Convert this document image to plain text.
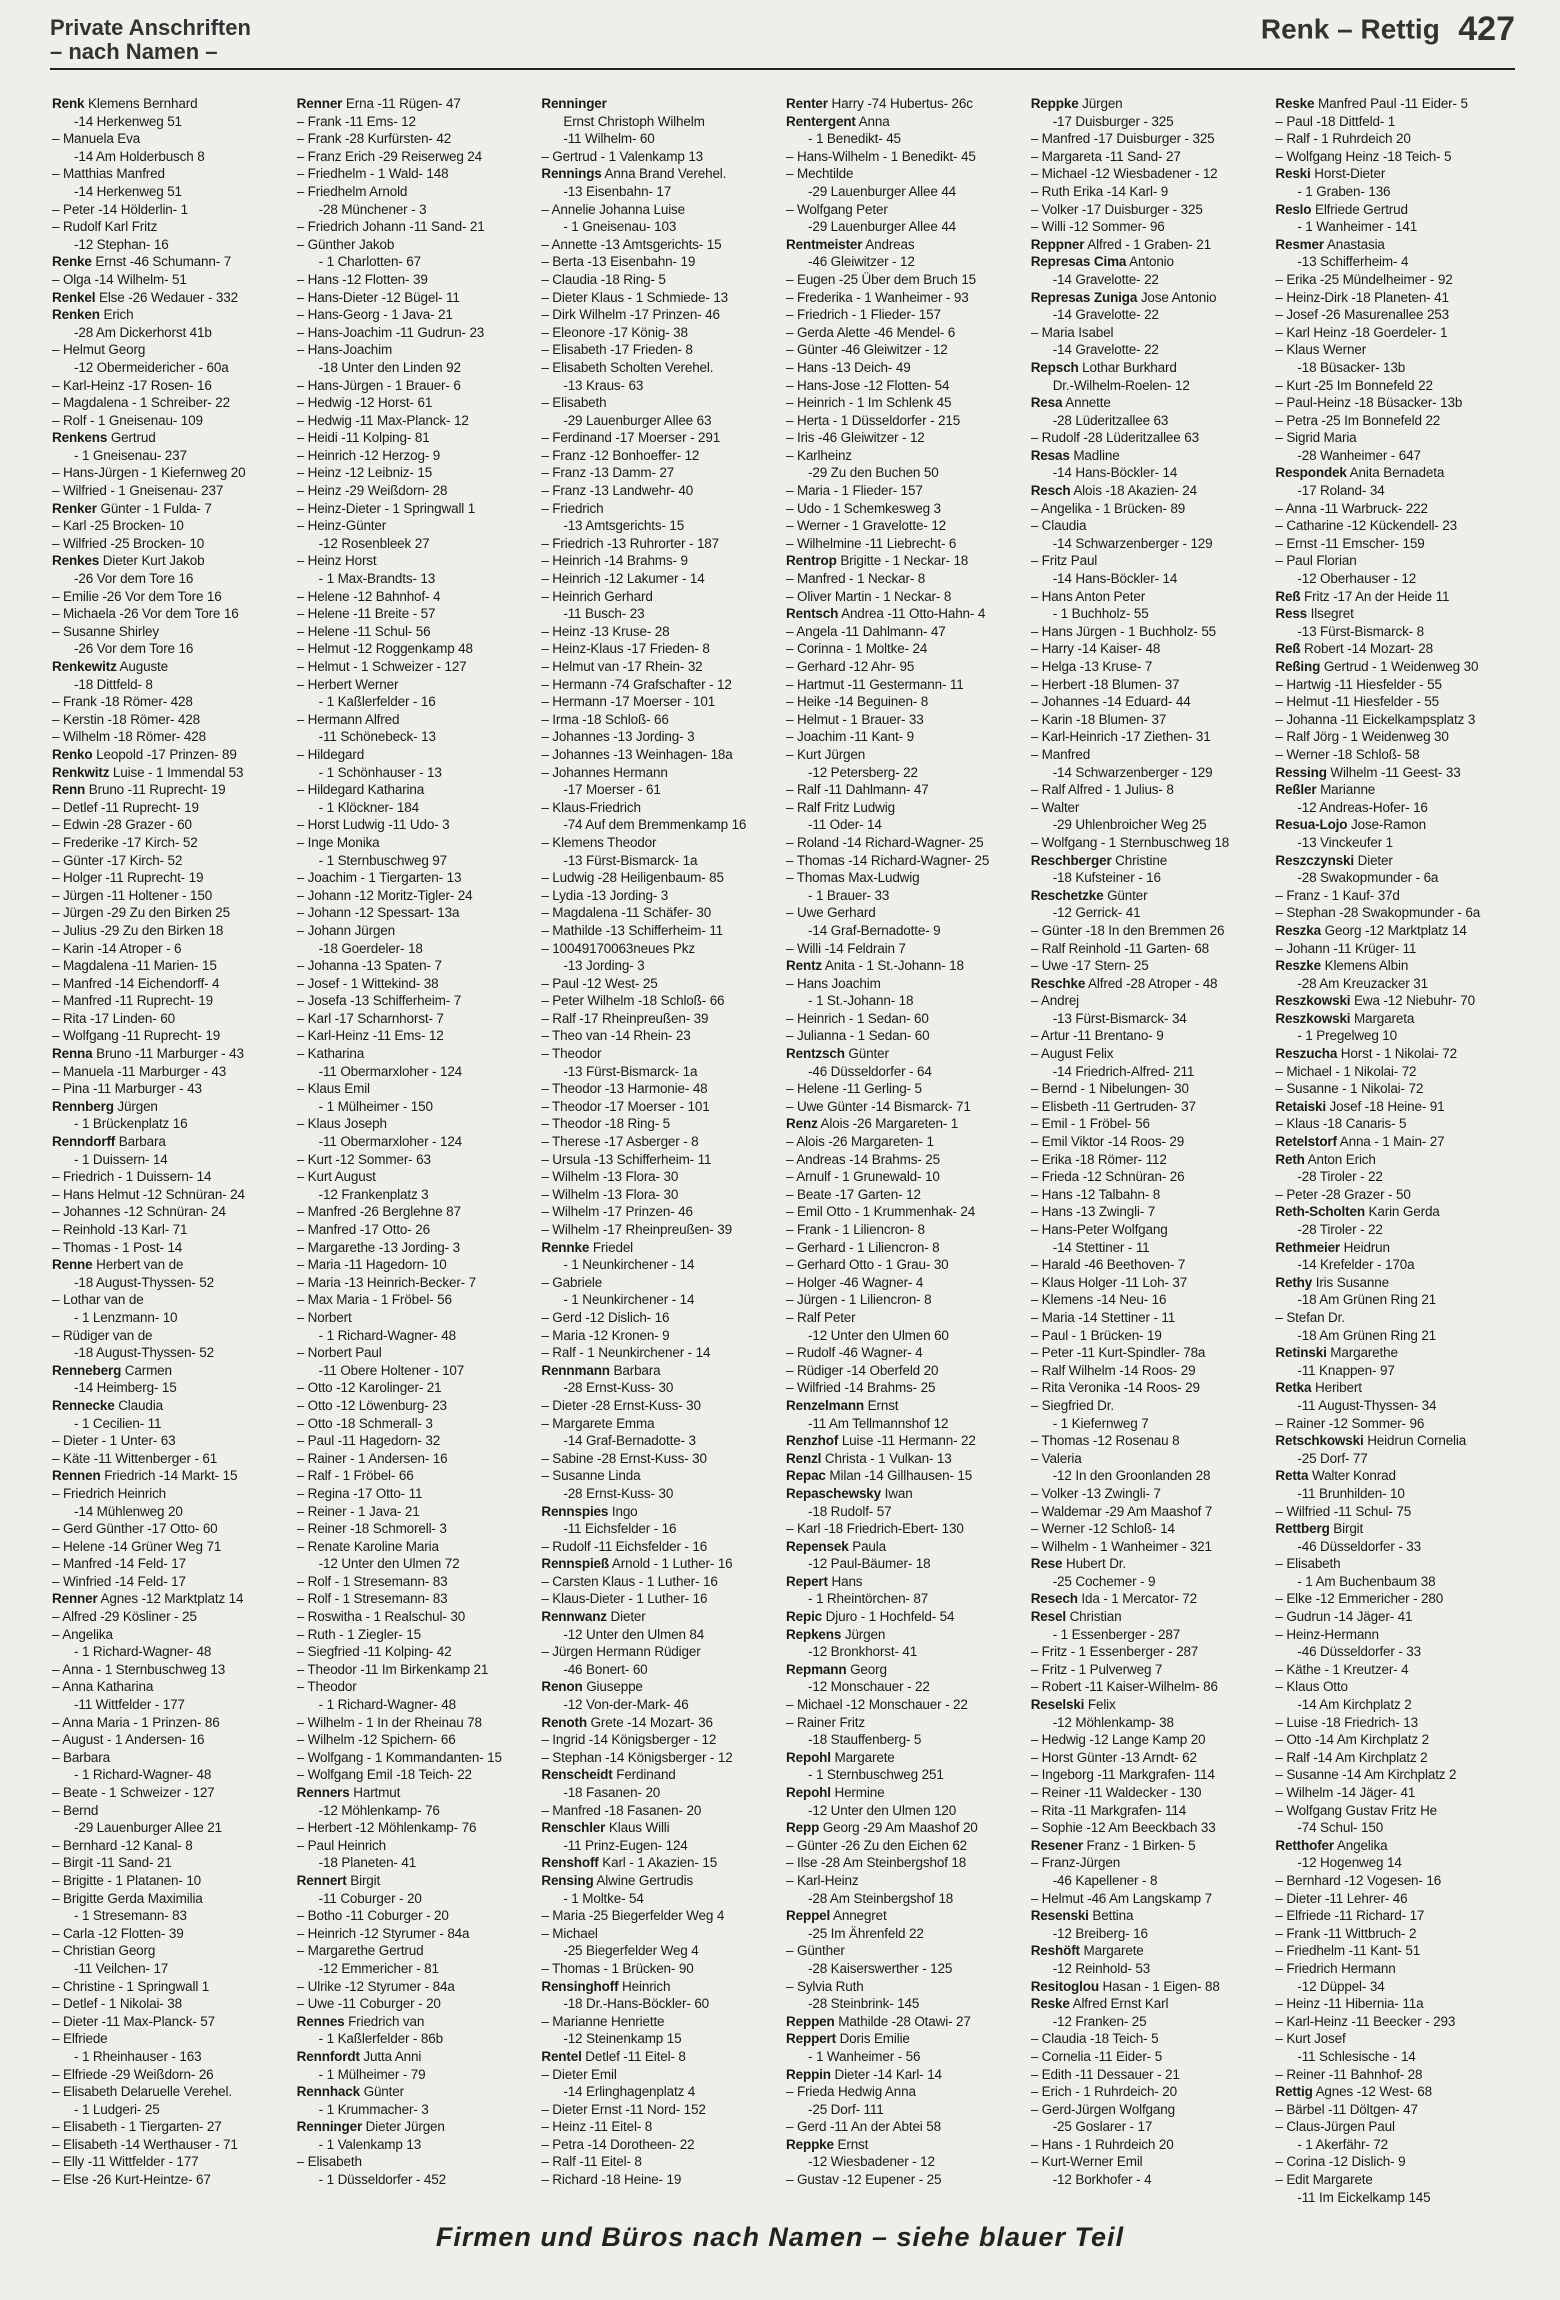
Private Anschriften
– nach Namen –
Renk – Rettig 427
Renk Klemens Bernhard
-14 Herkenweg 51
– Manuela Eva
-14 Am Holderbusch 8
– Matthias Manfred
-14 Herkenweg 51
– Peter -14 Hölderlin- 1
– Rudolf Karl Fritz
-12 Stephan- 16
Renke Ernst -46 Schumann- 7
– Olga -14 Wilhelm- 51
Renkel Else -26 Wedauer - 332
Renken Erich
-28 Am Dickerhorst 41b
– Helmut Georg
-12 Obermeidericher - 60a
– Karl-Heinz -17 Rosen- 16
– Magdalena - 1 Schreiber- 22
– Rolf - 1 Gneisenau- 109
Renkens Gertrud
- 1 Gneisenau- 237
– Hans-Jürgen - 1 Kiefernweg 20
– Wilfried - 1 Gneisenau- 237
Renker Günter - 1 Fulda- 7
– Karl -25 Brocken- 10
– Wilfried -25 Brocken- 10
Renkes Dieter Kurt Jakob
-26 Vor dem Tore 16
– Emilie -26 Vor dem Tore 16
– Michaela -26 Vor dem Tore 16
– Susanne Shirley
-26 Vor dem Tore 16
Renkewitz Auguste
-18 Dittfeld- 8
– Frank -18 Römer- 428
– Kerstin -18 Römer- 428
– Wilhelm -18 Römer- 428
Renko Leopold -17 Prinzen- 89
Renkwitz Luise - 1 Immendal 53
Renn Bruno -11 Ruprecht- 19
– Detlef -11 Ruprecht- 19
– Edwin -28 Grazer - 60
– Frederike -17 Kirch- 52
– Günter -17 Kirch- 52
– Holger -11 Ruprecht- 19
– Jürgen -11 Holtener - 150
– Jürgen -29 Zu den Birken 25
– Julius -29 Zu den Birken 18
– Karin -14 Atroper - 6
– Magdalena -11 Marien- 15
– Manfred -14 Eichendorff- 4
– Manfred -11 Ruprecht- 19
– Rita -17 Linden- 60
– Wolfgang -11 Ruprecht- 19
Renna Bruno -11 Marburger - 43
– Manuela -11 Marburger - 43
– Pina -11 Marburger - 43
Rennberg Jürgen
- 1 Brückenplatz 16
Renndorff Barbara
- 1 Duissern- 14
– Friedrich - 1 Duissern- 14
– Hans Helmut -12 Schnüran- 24
– Johannes -12 Schnüran- 24
– Reinhold -13 Karl- 71
– Thomas - 1 Post- 14
Renne Herbert van de
-18 August-Thyssen- 52
– Lothar van de
- 1 Lenzmann- 10
– Rüdiger van de
-18 August-Thyssen- 52
Renneberg Carmen
-14 Heimberg- 15
Rennecke Claudia
- 1 Cecilien- 11
– Dieter - 1 Unter- 63
– Käte -11 Wittenberger - 61
Rennen Friedrich -14 Markt- 15
– Friedrich Heinrich
-14 Mühlenweg 20
– Gerd Günther -17 Otto- 60
– Helene -14 Grüner Weg 71
– Manfred -14 Feld- 17
– Winfried -14 Feld- 17
Renner Agnes -12 Marktplatz 14
– Alfred -29 Kösliner - 25
– Angelika
- 1 Richard-Wagner- 48
– Anna - 1 Sternbuschweg 13
– Anna Katharina
-11 Wittfelder - 177
– Anna Maria - 1 Prinzen- 86
– August - 1 Andersen- 16
– Barbara
- 1 Richard-Wagner- 48
– Beate - 1 Schweizer - 127
– Bernd
-29 Lauenburger Allee 21
– Bernhard -12 Kanal- 8
– Birgit -11 Sand- 21
– Brigitte - 1 Platanen- 10
– Brigitte Gerda Maximilia
- 1 Stresemann- 83
– Carla -12 Flotten- 39
– Christian Georg
-11 Veilchen- 17
– Christine - 1 Springwall 1
– Detlef - 1 Nikolai- 38
– Dieter -11 Max-Planck- 57
– Elfriede
- 1 Rheinhauser - 163
– Elfriede -29 Weißdorn- 26
– Elisabeth Delaruelle Verehel.
- 1 Ludgeri- 25
– Elisabeth - 1 Tiergarten- 27
– Elisabeth -14 Werthauser - 71
– Elly -11 Wittfelder - 177
– Else -26 Kurt-Heintze- 67
Renner Erna -11 Rügen- 47
– Frank -11 Ems- 12
– Frank -28 Kurfürsten- 42
– Franz Erich -29 Reiserweg 24
– Friedhelm - 1 Wald- 148
– Friedhelm Arnold
-28 Münchener - 3
– Friedrich Johann -11 Sand- 21
– Günther Jakob
- 1 Charlotten- 67
– Hans -12 Flotten- 39
– Hans-Dieter -12 Bügel- 11
– Hans-Georg - 1 Java- 21
– Hans-Joachim -11 Gudrun- 23
– Hans-Joachim
-18 Unter den Linden 92
– Hans-Jürgen - 1 Brauer- 6
– Hedwig -12 Horst- 61
– Hedwig -11 Max-Planck- 12
– Heidi -11 Kolping- 81
– Heinrich -12 Herzog- 9
– Heinz -12 Leibniz- 15
– Heinz -29 Weißdorn- 28
– Heinz-Dieter - 1 Springwall 1
– Heinz-Günter
-12 Rosenbleek 27
– Heinz Horst
- 1 Max-Brandts- 13
– Helene -12 Bahnhof- 4
– Helene -11 Breite - 57
– Helene -11 Schul- 56
– Helmut -12 Roggenkamp 48
– Helmut - 1 Schweizer - 127
– Herbert Werner
- 1 Kaßlerfelder - 16
– Hermann Alfred
-11 Schönebeck- 13
– Hildegard
- 1 Schönhauser - 13
– Hildegard Katharina
- 1 Klöckner- 184
– Horst Ludwig -11 Udo- 3
– Inge Monika
- 1 Sternbuschweg 97
– Joachim - 1 Tiergarten- 13
– Johann -12 Moritz-Tigler- 24
– Johann -12 Spessart- 13a
– Johann Jürgen
-18 Goerdeler- 18
– Johanna -13 Spaten- 7
– Josef - 1 Wittekind- 38
– Josefa -13 Schifferheim- 7
– Karl -17 Scharnhorst- 7
– Karl-Heinz -11 Ems- 12
– Katharina
-11 Obermarxloher - 124
– Klaus Emil
- 1 Mülheimer - 150
– Klaus Joseph
-11 Obermarxloher - 124
– Kurt -12 Sommer- 63
– Kurt August
-12 Frankenplatz 3
– Manfred -26 Berglehne 87
– Manfred -17 Otto- 26
– Margarethe -13 Jording- 3
– Maria -11 Hagedorn- 10
– Maria -13 Heinrich-Becker- 7
– Max Maria - 1 Fröbel- 56
– Norbert
- 1 Richard-Wagner- 48
– Norbert Paul
-11 Obere Holtener - 107
– Otto -12 Karolinger- 21
– Otto -12 Löwenburg- 23
– Otto -18 Schmerall- 3
– Paul -11 Hagedorn- 32
– Rainer - 1 Andersen- 16
– Ralf - 1 Fröbel- 66
– Regina -17 Otto- 11
– Reiner - 1 Java- 21
– Reiner -18 Schmorell- 3
– Renate Karoline Maria
-12 Unter den Ulmen 72
– Rolf - 1 Stresemann- 83
– Rolf - 1 Stresemann- 83
– Roswitha - 1 Realschul- 30
– Ruth - 1 Ziegler- 15
– Siegfried -11 Kolping- 42
– Theodor -11 Im Birkenkamp 21
– Theodor
- 1 Richard-Wagner- 48
– Wilhelm - 1 In der Rheinau 78
– Wilhelm -12 Spichern- 66
– Wolfgang - 1 Kommandanten- 15
– Wolfgang Emil -18 Teich- 22
Renners Hartmut
-12 Möhlenkamp- 76
– Herbert -12 Möhlenkamp- 76
– Paul Heinrich
-18 Planeten- 41
Rennert Birgit
-11 Coburger - 20
– Botho -11 Coburger - 20
– Heinrich -12 Styrumer - 84a
– Margarethe Gertrud
-12 Emmericher - 81
– Ulrike -12 Styrumer - 84a
– Uwe -11 Coburger - 20
Rennes Friedrich van
- 1 Kaßlerfelder - 86b
Rennfordt Jutta Anni
- 1 Mülheimer - 79
Rennhack Günter
- 1 Krummacher- 3
Renninger Dieter Jürgen
- 1 Valenkamp 13
– Elisabeth
- 1 Düsseldorfer - 452
Renninger
Ernst Christoph Wilhelm
-11 Wilhelm- 60
– Gertrud - 1 Valenkamp 13
Rennings Anna Brand Verehel.
-13 Eisenbahn- 17
– Annelie Johanna Luise
- 1 Gneisenau- 103
– Annette -13 Amtsgerichts- 15
– Berta -13 Eisenbahn- 19
– Claudia -18 Ring- 5
– Dieter Klaus - 1 Schmiede- 13
– Dirk Wilhelm -17 Prinzen- 46
– Eleonore -17 König- 38
– Elisabeth -17 Frieden- 8
– Elisabeth Scholten Verehel.
-13 Kraus- 63
– Elisabeth
-29 Lauenburger Allee 63
– Ferdinand -17 Moerser - 291
– Franz -12 Bonhoeffer- 12
– Franz -13 Damm- 27
– Franz -13 Landwehr- 40
– Friedrich
-13 Amtsgerichts- 15
– Friedrich -13 Ruhrorter - 187
– Heinrich -14 Brahms- 9
– Heinrich -12 Lakumer - 14
– Heinrich Gerhard
-11 Busch- 23
– Heinz -13 Kruse- 28
– Heinz-Klaus -17 Frieden- 8
– Helmut van -17 Rhein- 32
– Hermann -74 Grafschafter - 12
– Hermann -17 Moerser - 101
– Irma -18 Schloß- 66
– Johannes -13 Jording- 3
– Johannes -13 Weinhagen- 18a
– Johannes Hermann
-17 Moerser - 61
– Klaus-Friedrich
-74 Auf dem Bremmenkamp 16
– Klemens Theodor
-13 Fürst-Bismarck- 1a
– Ludwig -28 Heiligenbaum- 85
– Lydia -13 Jording- 3
– Magdalena -11 Schäfer- 30
– Mathilde -13 Schifferheim- 11
– 10049170063neues Pkz
-13 Jording- 3
– Paul -12 West- 25
– Peter Wilhelm -18 Schloß- 66
– Ralf -17 Rheinpreußen- 39
– Theo van -14 Rhein- 23
– Theodor
-13 Fürst-Bismarck- 1a
– Theodor -13 Harmonie- 48
– Theodor -17 Moerser - 101
– Theodor -18 Ring- 5
– Therese -17 Asberger - 8
– Ursula -13 Schifferheim- 11
– Wilhelm -13 Flora- 30
– Wilhelm -13 Flora- 30
– Wilhelm -17 Prinzen- 46
– Wilhelm -17 Rheinpreußen- 39
Rennke Friedel
- 1 Neunkirchener - 14
– Gabriele
- 1 Neunkirchener - 14
– Gerd -12 Dislich- 16
– Maria -12 Kronen- 9
– Ralf - 1 Neunkirchener - 14
Rennmann Barbara
-28 Ernst-Kuss- 30
– Dieter -28 Ernst-Kuss- 30
– Margarete Emma
-14 Graf-Bernadotte- 3
– Sabine -28 Ernst-Kuss- 30
– Susanne Linda
-28 Ernst-Kuss- 30
Rennspies Ingo
-11 Eichsfelder - 16
– Rudolf -11 Eichsfelder - 16
Rennspieß Arnold - 1 Luther- 16
– Carsten Klaus - 1 Luther- 16
– Klaus-Dieter - 1 Luther- 16
Rennwanz Dieter
-12 Unter den Ulmen 84
– Jürgen Hermann Rüdiger
-46 Bonert- 60
Renon Giuseppe
-12 Von-der-Mark- 46
Renoth Grete -14 Mozart- 36
– Ingrid -14 Königsberger - 12
– Stephan -14 Königsberger - 12
Renscheidt Ferdinand
-18 Fasanen- 20
– Manfred -18 Fasanen- 20
Renschler Klaus Willi
-11 Prinz-Eugen- 124
Renshoff Karl - 1 Akazien- 15
Rensing Alwine Gertrudis
- 1 Moltke- 54
– Maria -25 Biegerfelder Weg 4
– Michael
-25 Biegerfelder Weg 4
– Thomas - 1 Brücken- 90
Rensinghoff Heinrich
-18 Dr.-Hans-Böckler- 60
– Marianne Henriette
-12 Steinenkamp 15
Rentel Detlef -11 Eitel- 8
– Dieter Emil
-14 Erlinghagenplatz 4
– Dieter Ernst -11 Nord- 152
– Heinz -11 Eitel- 8
– Petra -14 Dorotheen- 22
– Ralf -11 Eitel- 8
– Richard -18 Heine- 19
Renter Harry -74 Hubertus- 26c
Rentergent Anna
- 1 Benedikt- 45
– Hans-Wilhelm - 1 Benedikt- 45
– Mechtilde
-29 Lauenburger Allee 44
– Wolfgang Peter
-29 Lauenburger Allee 44
Rentmeister Andreas
-46 Gleiwitzer - 12
– Eugen -25 Über dem Bruch 15
– Frederika - 1 Wanheimer - 93
– Friedrich - 1 Flieder- 157
– Gerda Alette -46 Mendel- 6
– Günter -46 Gleiwitzer - 12
– Hans -13 Deich- 49
– Hans-Jose -12 Flotten- 54
– Heinrich - 1 Im Schlenk 45
– Herta - 1 Düsseldorfer - 215
– Iris -46 Gleiwitzer - 12
– Karlheinz
-29 Zu den Buchen 50
– Maria - 1 Flieder- 157
– Udo - 1 Schemkesweg 3
– Werner - 1 Gravelotte- 12
– Wilhelmine -11 Liebrecht- 6
Rentrop Brigitte - 1 Neckar- 18
– Manfred - 1 Neckar- 8
– Oliver Martin - 1 Neckar- 8
Rentsch Andrea -11 Otto-Hahn- 4
– Angela -11 Dahlmann- 47
– Corinna - 1 Moltke- 24
– Gerhard -12 Ahr- 95
– Hartmut -11 Gestermann- 11
– Heike -14 Beguinen- 8
– Helmut - 1 Brauer- 33
– Joachim -11 Kant- 9
– Kurt Jürgen
-12 Petersberg- 22
– Ralf -11 Dahlmann- 47
– Ralf Fritz Ludwig
-11 Oder- 14
– Roland -14 Richard-Wagner- 25
– Thomas -14 Richard-Wagner- 25
– Thomas Max-Ludwig
- 1 Brauer- 33
– Uwe Gerhard
-14 Graf-Bernadotte- 9
– Willi -14 Feldrain 7
Rentz Anita - 1 St.-Johann- 18
– Hans Joachim
- 1 St.-Johann- 18
– Heinrich - 1 Sedan- 60
– Julianna - 1 Sedan- 60
Rentzsch Günter
-46 Düsseldorfer - 64
– Helene -11 Gerling- 5
– Uwe Günter -14 Bismarck- 71
Renz Alois -26 Margareten- 1
– Alois -26 Margareten- 1
– Andreas -14 Brahms- 25
– Arnulf - 1 Grunewald- 10
– Beate -17 Garten- 12
– Emil Otto - 1 Krummenhak- 24
– Frank - 1 Liliencron- 8
– Gerhard - 1 Liliencron- 8
– Gerhard Otto - 1 Grau- 30
– Holger -46 Wagner- 4
– Jürgen - 1 Liliencron- 8
– Ralf Peter
-12 Unter den Ulmen 60
– Rudolf -46 Wagner- 4
– Rüdiger -14 Oberfeld 20
– Wilfried -14 Brahms- 25
Renzelmann Ernst
-11 Am Tellmannshof 12
Renzhof Luise -11 Hermann- 22
Renzl Christa - 1 Vulkan- 13
Repac Milan -14 Gillhausen- 15
Repaschewsky Iwan
-18 Rudolf- 57
– Karl -18 Friedrich-Ebert- 130
Repensek Paula
-12 Paul-Bäumer- 18
Repert Hans
- 1 Rheintörchen- 87
Repic Djuro - 1 Hochfeld- 54
Repkens Jürgen
-12 Bronkhorst- 41
Repmann Georg
-12 Monschauer - 22
– Michael -12 Monschauer - 22
– Rainer Fritz
-18 Stauffenberg- 5
Repohl Margarete
- 1 Sternbuschweg 251
Repohl Hermine
-12 Unter den Ulmen 120
Repp Georg -29 Am Maashof 20
– Günter -26 Zu den Eichen 62
– Ilse -28 Am Steinbergshof 18
– Karl-Heinz
-28 Am Steinbergshof 18
Reppel Annegret
-25 Im Ährenfeld 22
– Günther
-28 Kaiserswerther - 125
– Sylvia Ruth
-28 Steinbrink- 145
Reppen Mathilde -28 Otawi- 27
Reppert Doris Emilie
- 1 Wanheimer - 56
Reppin Dieter -14 Karl- 14
– Frieda Hedwig Anna
-25 Dorf- 111
– Gerd -11 An der Abtei 58
Reppke Ernst
-12 Wiesbadener - 12
– Gustav -12 Eupener - 25
Reppke Jürgen
-17 Duisburger - 325
– Manfred -17 Duisburger - 325
– Margareta -11 Sand- 27
– Michael -12 Wiesbadener - 12
– Ruth Erika -14 Karl- 9
– Volker -17 Duisburger - 325
– Willi -12 Sommer- 96
Reppner Alfred - 1 Graben- 21
Represas Cima Antonio
-14 Gravelotte- 22
Represas Zuniga Jose Antonio
-14 Gravelotte- 22
– Maria Isabel
-14 Gravelotte- 22
Repsch Lothar Burkhard
Dr.-Wilhelm-Roelen- 12
Resa Annette
-28 Lüderitzallee 63
– Rudolf -28 Lüderitzallee 63
Resas Madline
-14 Hans-Böckler- 14
Resch Alois -18 Akazien- 24
– Angelika - 1 Brücken- 89
– Claudia
-14 Schwarzenberger - 129
– Fritz Paul
-14 Hans-Böckler- 14
– Hans Anton Peter
- 1 Buchholz- 55
– Hans Jürgen - 1 Buchholz- 55
– Harry -14 Kaiser- 48
– Helga -13 Kruse- 7
– Herbert -18 Blumen- 37
– Johannes -14 Eduard- 44
– Karin -18 Blumen- 37
– Karl-Heinrich -17 Ziethen- 31
– Manfred
-14 Schwarzenberger - 129
– Ralf Alfred - 1 Julius- 8
– Walter
-29 Uhlenbroicher Weg 25
– Wolfgang - 1 Sternbuschweg 18
Reschberger Christine
-18 Kufsteiner - 16
Reschetzke Günter
-12 Gerrick- 41
– Günter -18 In den Bremmen 26
– Ralf Reinhold -11 Garten- 68
– Uwe -17 Stern- 25
Reschke Alfred -28 Atroper - 48
– Andrej
-13 Fürst-Bismarck- 34
– Artur -11 Brentano- 9
– August Felix
-14 Friedrich-Alfred- 211
– Bernd - 1 Nibelungen- 30
– Elisbeth -11 Gertruden- 37
– Emil - 1 Fröbel- 56
– Emil Viktor -14 Roos- 29
– Erika -18 Römer- 112
– Frieda -12 Schnüran- 26
– Hans -12 Talbahn- 8
– Hans -13 Zwingli- 7
– Hans-Peter Wolfgang
-14 Stettiner - 11
– Harald -46 Beethoven- 7
– Klaus Holger -11 Loh- 37
– Klemens -14 Neu- 16
– Maria -14 Stettiner - 11
– Paul - 1 Brücken- 19
– Peter -11 Kurt-Spindler- 78a
– Ralf Wilhelm -14 Roos- 29
– Rita Veronika -14 Roos- 29
– Siegfried Dr.
- 1 Kiefernweg 7
– Thomas -12 Rosenau 8
– Valeria
-12 In den Groonlanden 28
– Volker -13 Zwingli- 7
– Waldemar -29 Am Maashof 7
– Werner -12 Schloß- 14
– Wilhelm - 1 Wanheimer - 321
Rese Hubert Dr.
-25 Cochemer - 9
Resech Ida - 1 Mercator- 72
Resel Christian
- 1 Essenberger - 287
– Fritz - 1 Essenberger - 287
– Fritz - 1 Pulverweg 7
– Robert -11 Kaiser-Wilhelm- 86
Reselski Felix
-12 Möhlenkamp- 38
– Hedwig -12 Lange Kamp 20
– Horst Günter -13 Arndt- 62
– Ingeborg -11 Markgrafen- 114
– Reiner -11 Waldecker - 130
– Rita -11 Markgrafen- 114
– Sophie -12 Am Beeckbach 33
Resener Franz - 1 Birken- 5
– Franz-Jürgen
-46 Kapellener - 8
– Helmut -46 Am Langskamp 7
Resenski Bettina
-12 Breiberg- 16
Reshöft Margarete
-12 Reinhold- 53
Resitoglou Hasan - 1 Eigen- 88
Reske Alfred Ernst Karl
-12 Franken- 25
– Claudia -18 Teich- 5
– Cornelia -11 Eider- 5
– Edith -11 Dessauer - 21
– Erich - 1 Ruhrdeich- 20
– Gerd-Jürgen Wolfgang
-25 Goslarer - 17
– Hans - 1 Ruhrdeich 20
– Kurt-Werner Emil
-12 Borkhofer - 4
Reske Manfred Paul -11 Eider- 5
– Paul -18 Dittfeld- 1
– Ralf - 1 Ruhrdeich 20
– Wolfgang Heinz -18 Teich- 5
Reski Horst-Dieter
- 1 Graben- 136
Reslo Elfriede Gertrud
- 1 Wanheimer - 141
Resmer Anastasia
-13 Schifferheim- 4
– Erika -25 Mündelheimer - 92
– Heinz-Dirk -18 Planeten- 41
– Josef -26 Masurenallee 253
– Karl Heinz -18 Goerdeler- 1
– Klaus Werner
-18 Büsacker- 13b
– Kurt -25 Im Bonnefeld 22
– Paul-Heinz -18 Büsacker- 13b
– Petra -25 Im Bonnefeld 22
– Sigrid Maria
-28 Wanheimer - 647
Respondek Anita Bernadeta
-17 Roland- 34
– Anna -11 Warbruck- 222
– Catharine -12 Kückendell- 23
– Ernst -11 Emscher- 159
– Paul Florian
-12 Oberhauser - 12
Reß Fritz -17 An der Heide 11
Ress Ilsegret
-13 Fürst-Bismarck- 8
Reß Robert -14 Mozart- 28
Reßing Gertrud - 1 Weidenweg 30
– Hartwig -11 Hiesfelder - 55
– Helmut -11 Hiesfelder - 55
– Johanna -11 Eickelkampsplatz 3
– Ralf Jörg - 1 Weidenweg 30
– Werner -18 Schloß- 58
Ressing Wilhelm -11 Geest- 33
Reßler Marianne
-12 Andreas-Hofer- 16
Resua-Lojo Jose-Ramon
-13 Vinckeufer 1
Reszczynski Dieter
-28 Swakopmunder - 6a
– Franz - 1 Kauf- 37d
– Stephan -28 Swakopmunder - 6a
Reszka Georg -12 Marktplatz 14
– Johann -11 Krüger- 11
Reszke Klemens Albin
-28 Am Kreuzacker 31
Reszkowski Ewa -12 Niebuhr- 70
Reszkowski Margareta
- 1 Pregelweg 10
Reszucha Horst - 1 Nikolai- 72
– Michael - 1 Nikolai- 72
– Susanne - 1 Nikolai- 72
Retaiski Josef -18 Heine- 91
– Klaus -18 Canaris- 5
Retelstorf Anna - 1 Main- 27
Reth Anton Erich
-28 Tiroler - 22
– Peter -28 Grazer - 50
Reth-Scholten Karin Gerda
-28 Tiroler - 22
Rethmeier Heidrun
-14 Krefelder - 170a
Rethy Iris Susanne
-18 Am Grünen Ring 21
– Stefan Dr.
-18 Am Grünen Ring 21
Retinski Margarethe
-11 Knappen- 97
Retka Heribert
-11 August-Thyssen- 34
– Rainer -12 Sommer- 96
Retschkowski Heidrun Cornelia
-25 Dorf- 77
Retta Walter Konrad
-11 Brunhilden- 10
– Wilfried -11 Schul- 75
Rettberg Birgit
-46 Düsseldorfer - 33
– Elisabeth
- 1 Am Buchenbaum 38
– Elke -12 Emmericher - 280
– Gudrun -14 Jäger- 41
– Heinz-Hermann
-46 Düsseldorfer - 33
– Käthe - 1 Kreutzer- 4
– Klaus Otto
-14 Am Kirchplatz 2
– Luise -18 Friedrich- 13
– Otto -14 Am Kirchplatz 2
– Ralf -14 Am Kirchplatz 2
– Susanne -14 Am Kirchplatz 2
– Wilhelm -14 Jäger- 41
– Wolfgang Gustav Fritz He
-74 Schul- 150
Retthofer Angelika
-12 Hogenweg 14
– Bernhard -12 Vogesen- 16
– Dieter -11 Lehrer- 46
– Elfriede -11 Richard- 17
– Frank -11 Wittbruch- 2
– Friedhelm -11 Kant- 51
– Friedrich Hermann
-12 Düppel- 34
– Heinz -11 Hibernia- 11a
– Karl-Heinz -11 Beecker - 293
– Kurt Josef
-11 Schlesische - 14
– Reiner -11 Bahnhof- 28
Rettig Agnes -12 West- 68
– Bärbel -11 Döltgen- 47
– Claus-Jürgen Paul
- 1 Akerfähr- 72
– Corina -12 Dislich- 9
– Edit Margarete
-11 Im Eickelkamp 145
Firmen und Büros nach Namen – siehe blauer Teil
